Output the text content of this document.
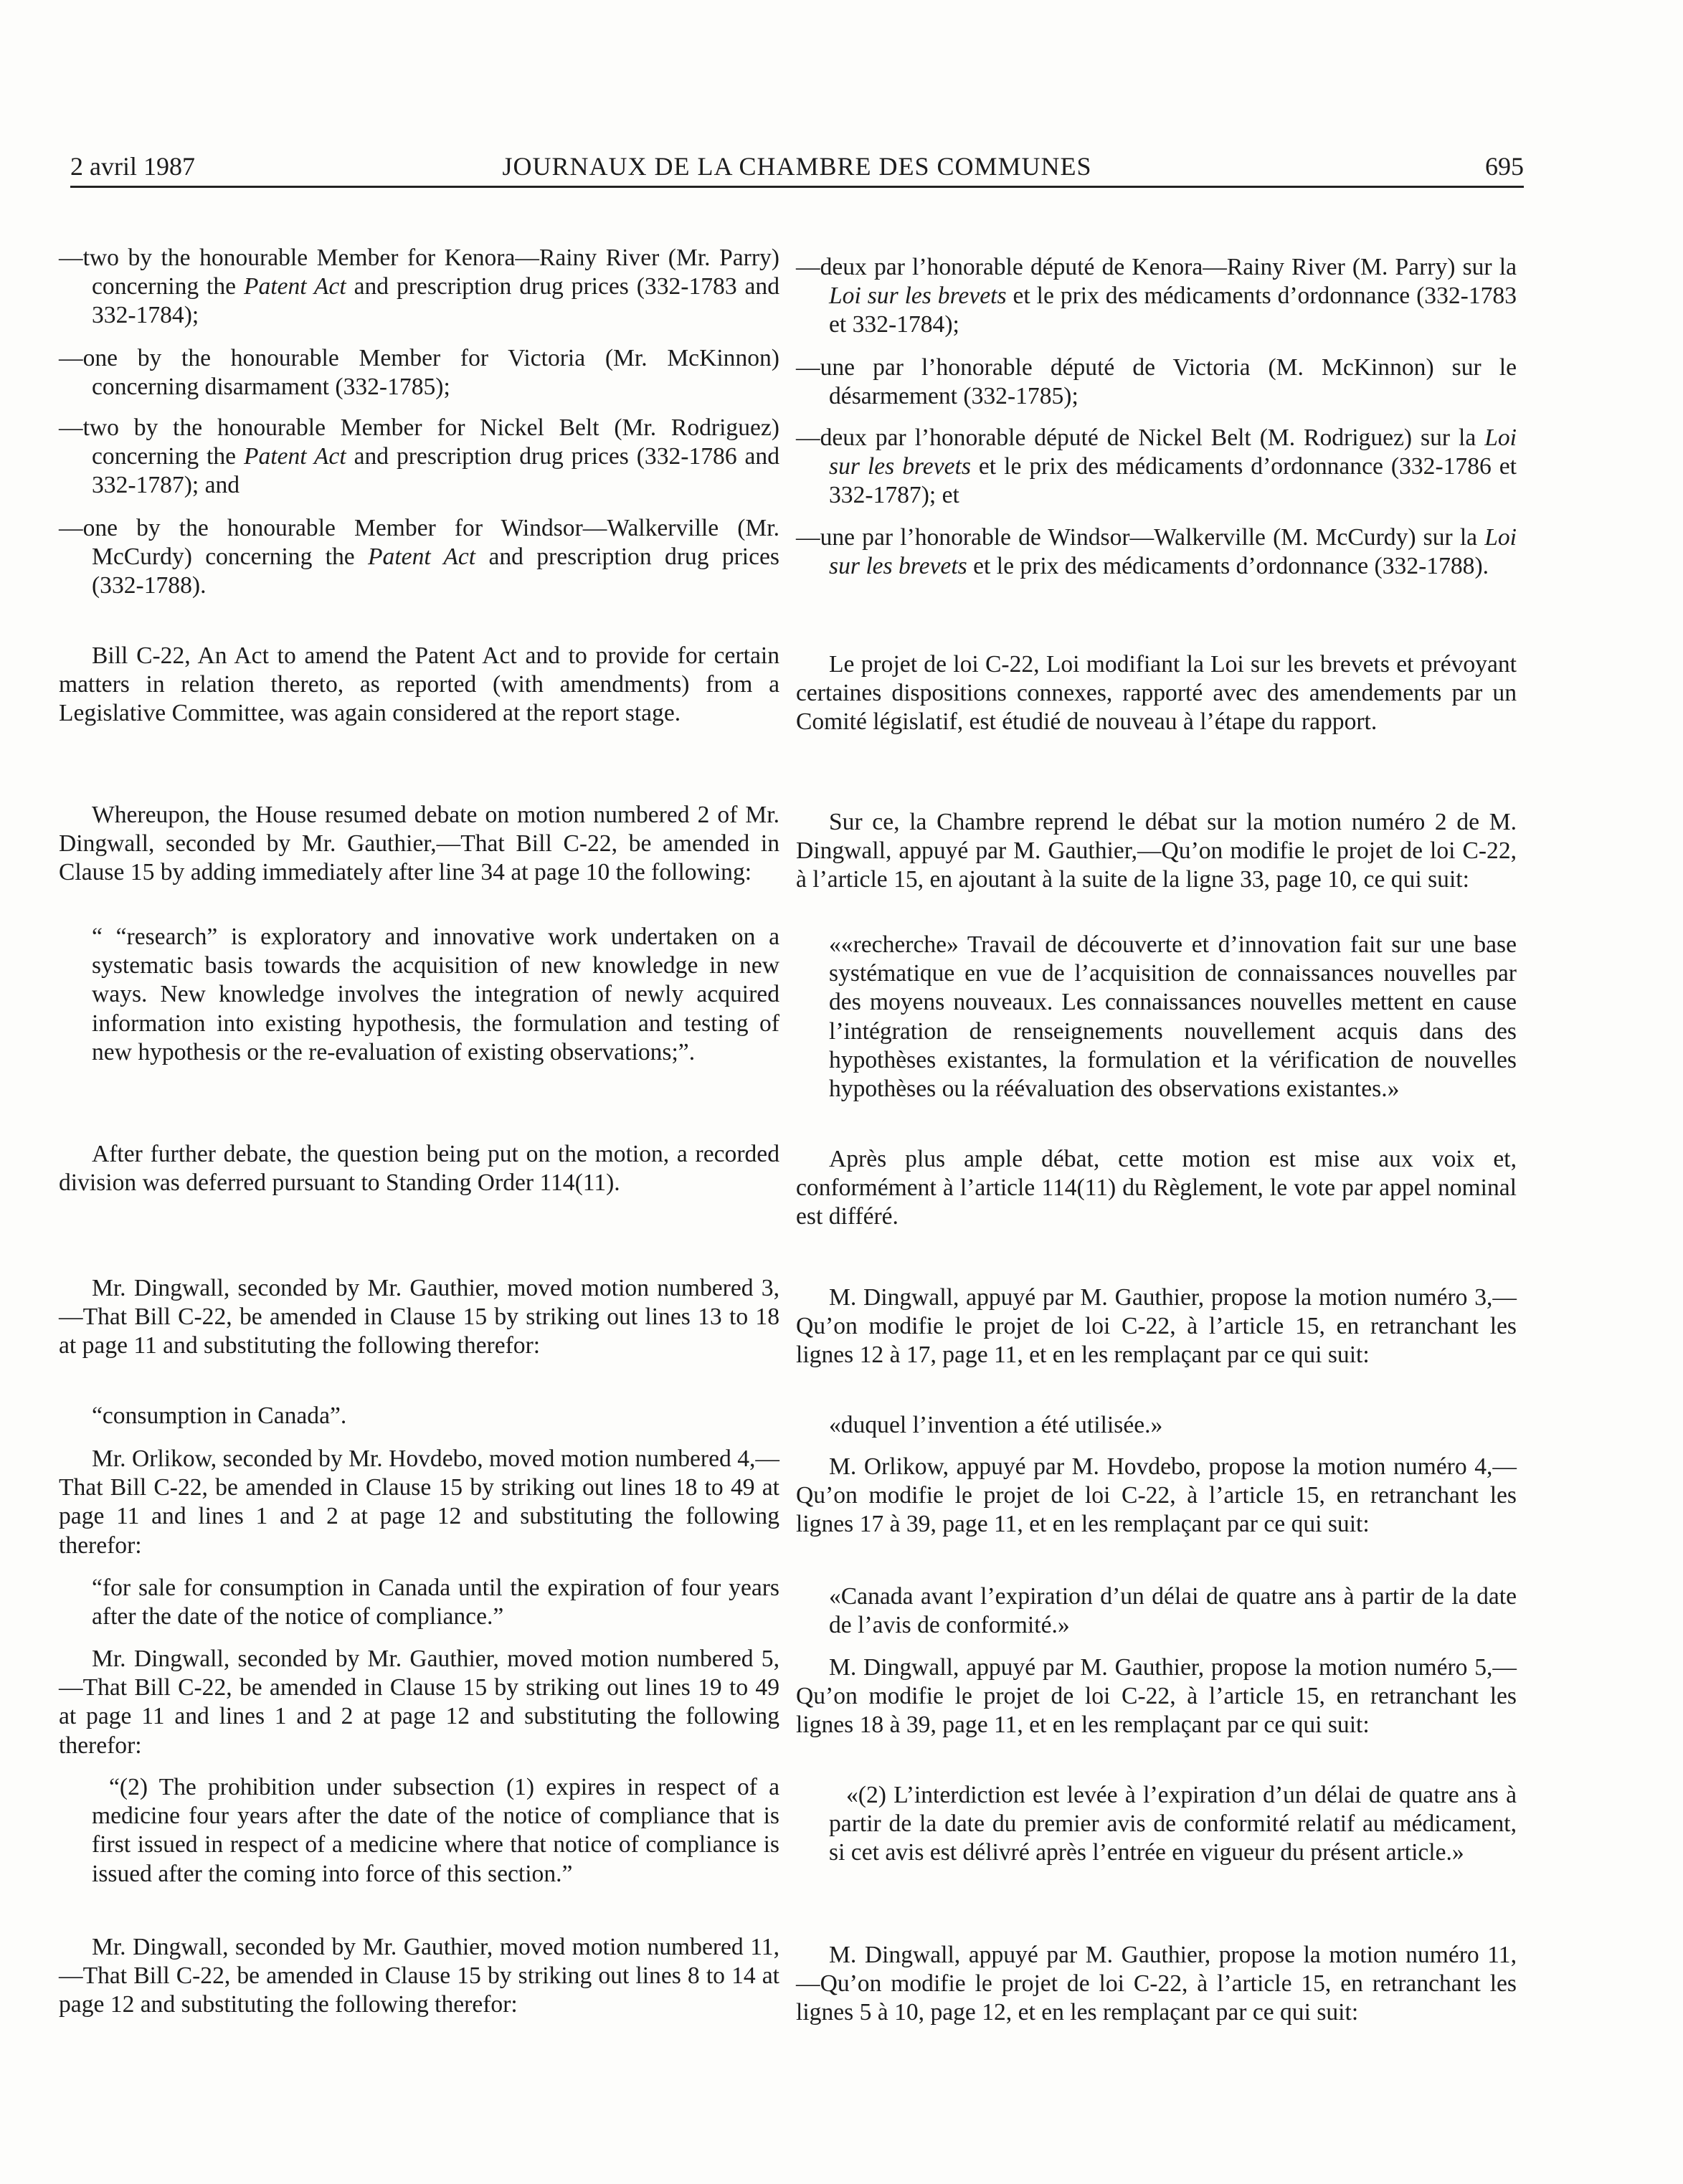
2 avril 1987	JOURNAUX DE LA CHAMBRE DES COMMUNES	695

—two by the honourable Member for Kenora—Rainy River (Mr. Parry) concerning the Patent Act and prescription drug prices (332-1783 and 332-1784);

—one by the honourable Member for Victoria (Mr. McKinnon) concerning disarmament (332-1785);

—two by the honourable Member for Nickel Belt (Mr. Rodriguez) concerning the Patent Act and prescription drug prices (332-1786 and 332-1787); and

—one by the honourable Member for Windsor—Walkerville (Mr. McCurdy) concerning the Patent Act and prescription drug prices (332-1788).

Bill C-22, An Act to amend the Patent Act and to provide for certain matters in relation thereto, as reported (with amendments) from a Legislative Committee, was again considered at the report stage.

Whereupon, the House resumed debate on motion numbered 2 of Mr. Dingwall, seconded by Mr. Gauthier,—That Bill C-22, be amended in Clause 15 by adding immediately after line 34 at page 10 the following:

“ “research” is exploratory and innovative work undertaken on a systematic basis towards the acquisition of new knowledge in new ways. New knowledge involves the integration of newly acquired information into existing hypothesis, the formulation and testing of new hypothesis or the re-evaluation of existing observations;”.

After further debate, the question being put on the motion, a recorded division was deferred pursuant to Standing Order 114(11).

Mr. Dingwall, seconded by Mr. Gauthier, moved motion numbered 3,—That Bill C-22, be amended in Clause 15 by striking out lines 13 to 18 at page 11 and substituting the following therefor:

“consumption in Canada”.

Mr. Orlikow, seconded by Mr. Hovdebo, moved motion numbered 4,—That Bill C-22, be amended in Clause 15 by striking out lines 18 to 49 at page 11 and lines 1 and 2 at page 12 and substituting the following therefor:

“for sale for consumption in Canada until the expiration of four years after the date of the notice of compliance.”

Mr. Dingwall, seconded by Mr. Gauthier, moved motion numbered 5,—That Bill C-22, be amended in Clause 15 by striking out lines 19 to 49 at page 11 and lines 1 and 2 at page 12 and substituting the following therefor:

“(2) The prohibition under subsection (1) expires in respect of a medicine four years after the date of the notice of compliance that is first issued in respect of a medicine where that notice of compliance is issued after the coming into force of this section.”

Mr. Dingwall, seconded by Mr. Gauthier, moved motion numbered 11,—That Bill C-22, be amended in Clause 15 by striking out lines 8 to 14 at page 12 and substituting the following therefor:

—deux par l’honorable député de Kenora—Rainy River (M. Parry) sur la Loi sur les brevets et le prix des médicaments d’ordonnance (332-1783 et 332-1784);

—une par l’honorable député de Victoria (M. McKinnon) sur le désarmement (332-1785);

—deux par l’honorable député de Nickel Belt (M. Rodriguez) sur la Loi sur les brevets et le prix des médicaments d’ordonnance (332-1786 et 332-1787); et

—une par l’honorable de Windsor—Walkerville (M. McCurdy) sur la Loi sur les brevets et le prix des médicaments d’ordonnance (332-1788).

Le projet de loi C-22, Loi modifiant la Loi sur les brevets et prévoyant certaines dispositions connexes, rapporté avec des amendements par un Comité législatif, est étudié de nouveau à l’étape du rapport.

Sur ce, la Chambre reprend le débat sur la motion numéro 2 de M. Dingwall, appuyé par M. Gauthier,—Qu’on modifie le projet de loi C-22, à l’article 15, en ajoutant à la suite de la ligne 33, page 10, ce qui suit:

««recherche» Travail de découverte et d’innovation fait sur une base systématique en vue de l’acquisition de connaissances nouvelles par des moyens nouveaux. Les connaissances nouvelles mettent en cause l’intégration de renseignements nouvellement acquis dans des hypothèses existantes, la formulation et la vérification de nouvelles hypothèses ou la réévaluation des observations existantes.»

Après plus ample débat, cette motion est mise aux voix et, conformément à l’article 114(11) du Règlement, le vote par appel nominal est différé.

M. Dingwall, appuyé par M. Gauthier, propose la motion numéro 3,—Qu’on modifie le projet de loi C-22, à l’article 15, en retranchant les lignes 12 à 17, page 11, et en les remplaçant par ce qui suit:

«duquel l’invention a été utilisée.»

M. Orlikow, appuyé par M. Hovdebo, propose la motion numéro 4,—Qu’on modifie le projet de loi C-22, à l’article 15, en retranchant les lignes 17 à 39, page 11, et en les remplaçant par ce qui suit:

«Canada avant l’expiration d’un délai de quatre ans à partir de la date de l’avis de conformité.»

M. Dingwall, appuyé par M. Gauthier, propose la motion numéro 5,—Qu’on modifie le projet de loi C-22, à l’article 15, en retranchant les lignes 18 à 39, page 11, et en les remplaçant par ce qui suit:

«(2) L’interdiction est levée à l’expiration d’un délai de quatre ans à partir de la date du premier avis de conformité relatif au médicament, si cet avis est délivré après l’entrée en vigueur du présent article.»

M. Dingwall, appuyé par M. Gauthier, propose la motion numéro 11,—Qu’on modifie le projet de loi C-22, à l’article 15, en retranchant les lignes 5 à 10, page 12, et en les remplaçant par ce qui suit:
